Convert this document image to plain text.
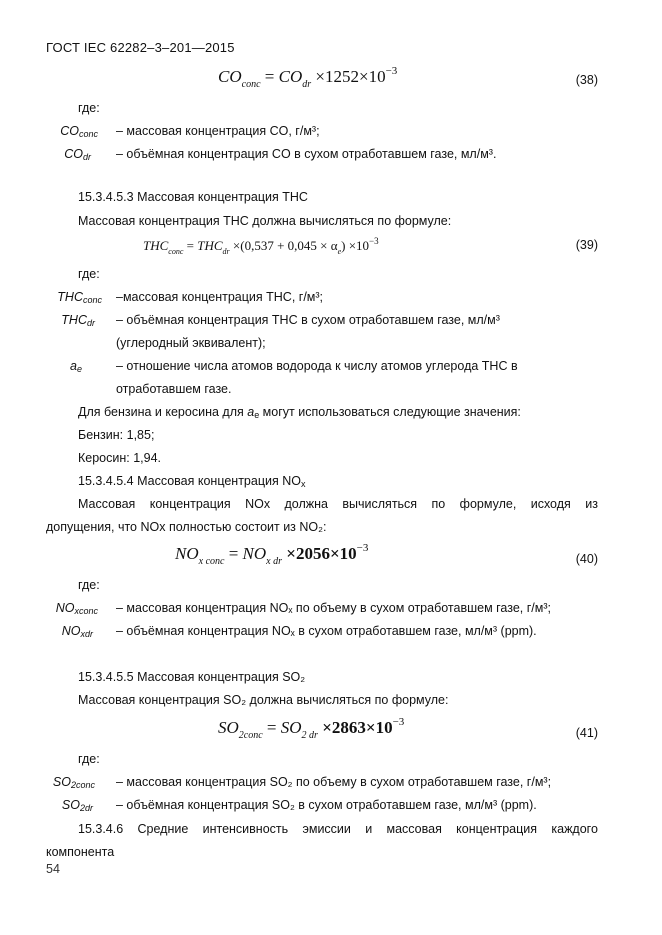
ГОСТ IEC 62282–3–201—2015
$CO_{conc} = CO_{dr} \times 1252\times 10^{-3}$
(38)
где:
COconc – массовая концентрация CO, г/м³;
COdr – объёмная концентрация CO в сухом отработавшем газе, мл/м³.
15.3.4.5.3 Массовая концентрация THC
Массовая концентрация THC должна вычисляться по формуле:
$THC_{conc} = THC_{dr} \times(0,537 + 0,045 \times \alpha_e) \times 10^{-3}$	(39)
где:
THCconc –массовая концентрация THC, г/м³;
THCdr – объёмная концентрация THC в сухом отработавшем газе, мл/м³
(углеродный эквивалент);
ae	– отношение числа атомов водорода к числу атомов углерода THC в
отработавшем газе.
Для бензина и керосина для ae могут использоваться следующие значения:
Бензин: 1,85;
Керосин: 1,94.
15.3.4.5.4 Массовая концентрация NOx
Массовая концентрация NOx должна вычисляться по формуле, исходя из
допущения, что NOx полностью состоит из NO₂:
$NO_{x conc} = NO_{x dr} \times 2056\times 10^{-3}$
(40)
где:
NOxconc – массовая концентрация NOₓ по объему в сухом отработавшем газе, г/м³;
NOxdr – объёмная концентрация NOₓ в сухом отработавшем газе, мл/м³ (ppm).
15.3.4.5.5 Массовая концентрация SO₂
Массовая концентрация SO₂ должна вычисляться по формуле:
$SO_{2conc} = SO_{2 dr} \times 2863\times 10^{-3}$
(41)
где:
SO2conc – массовая концентрация SO₂ по объему в сухом отработавшем газе, г/м³;
SO2dr – объёмная концентрация SO₂ в сухом отработавшем газе, мл/м³ (ppm).
15.3.4.6 Средние интенсивность эмиссии и массовая концентрация каждого
компонента
54
